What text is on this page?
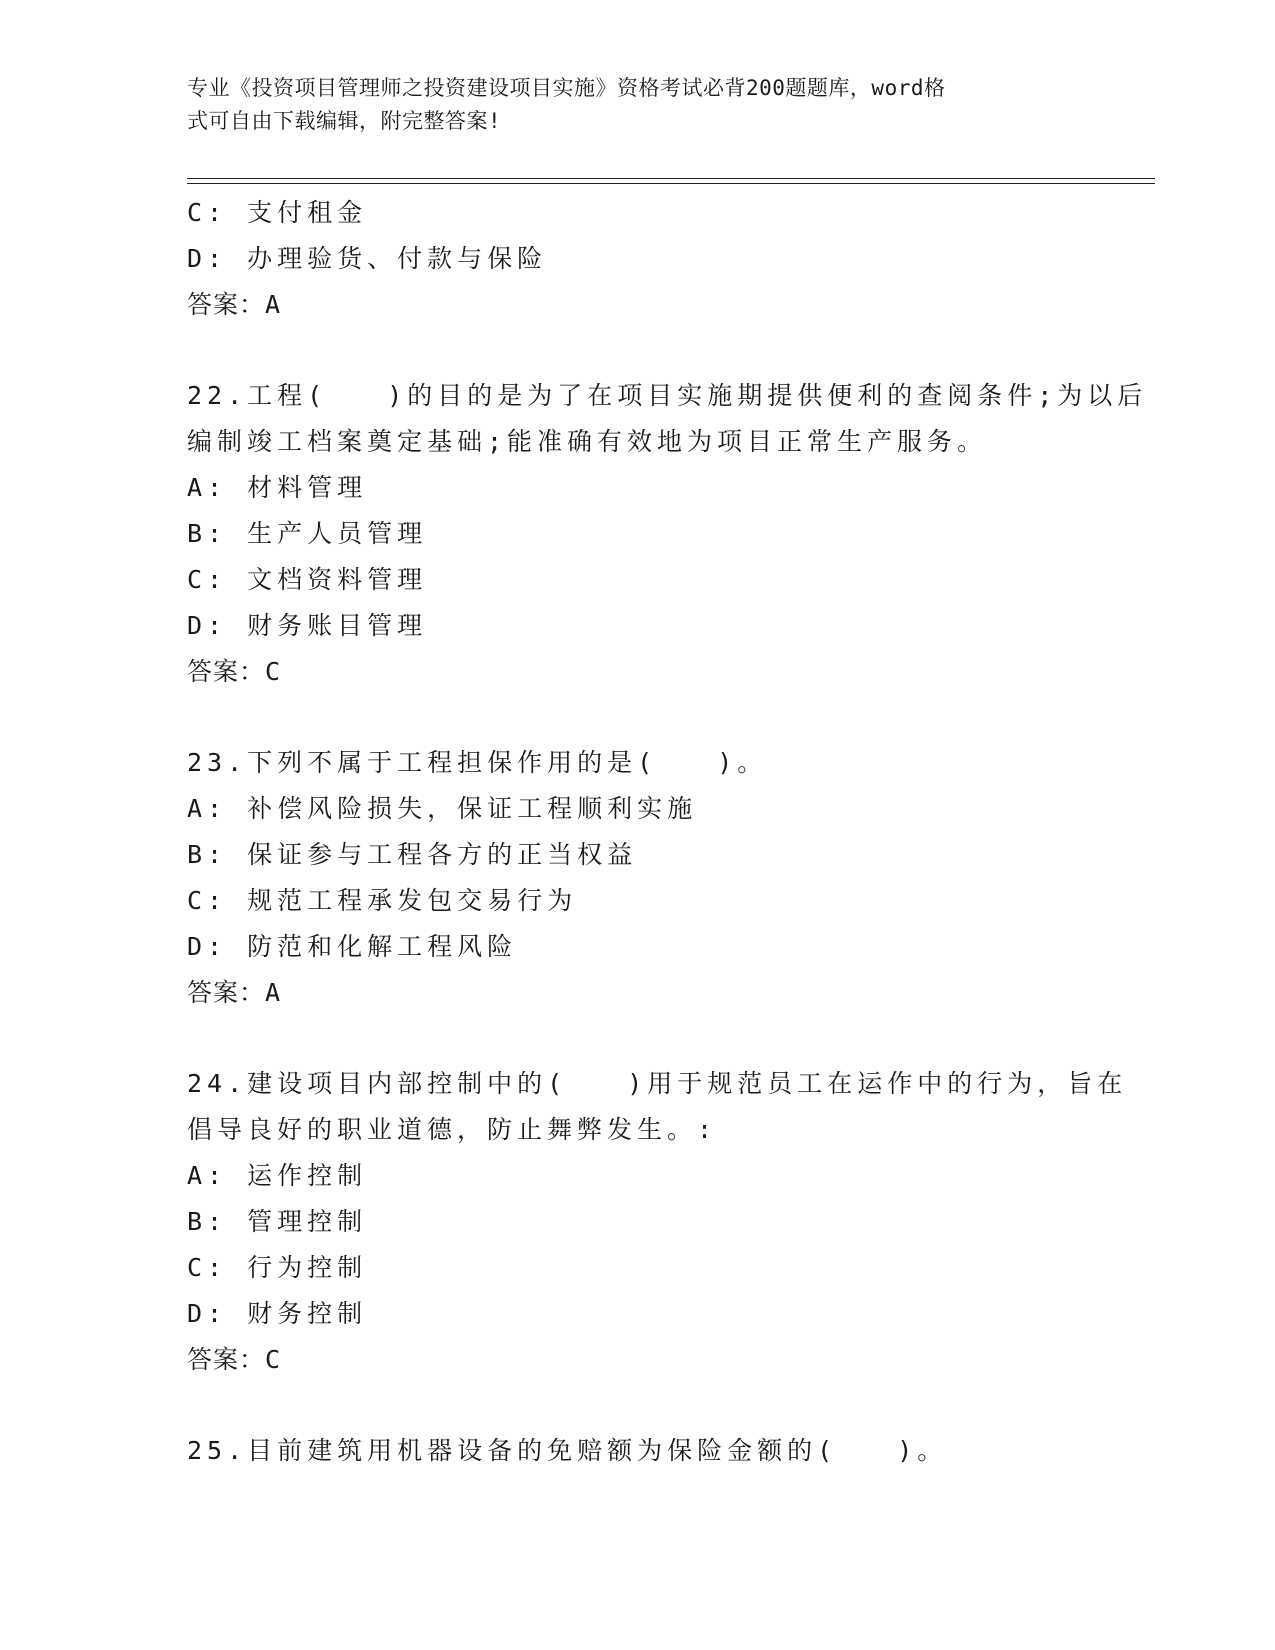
专业《投资项目管理师之投资建设项目实施》资格考试必背200题题库，word格
式可自由下载编辑，附完整答案!
C: 支付租金
D: 办理验货、付款与保险
答案：A
22.工程(　　)的目的是为了在项目实施期提供便利的查阅条件;为以后
编制竣工档案奠定基础;能准确有效地为项目正常生产服务。
A: 材料管理
B: 生产人员管理
C: 文档资料管理
D: 财务账目管理
答案：C
23.下列不属于工程担保作用的是(　　)。
A: 补偿风险损失，保证工程顺利实施
B: 保证参与工程各方的正当权益
C: 规范工程承发包交易行为
D: 防范和化解工程风险
答案：A
24.建设项目内部控制中的(　　)用于规范员工在运作中的行为，旨在
倡导良好的职业道德，防止舞弊发生。:
A: 运作控制
B: 管理控制
C: 行为控制
D: 财务控制
答案：C
25.目前建筑用机器设备的免赔额为保险金额的(　　)。
